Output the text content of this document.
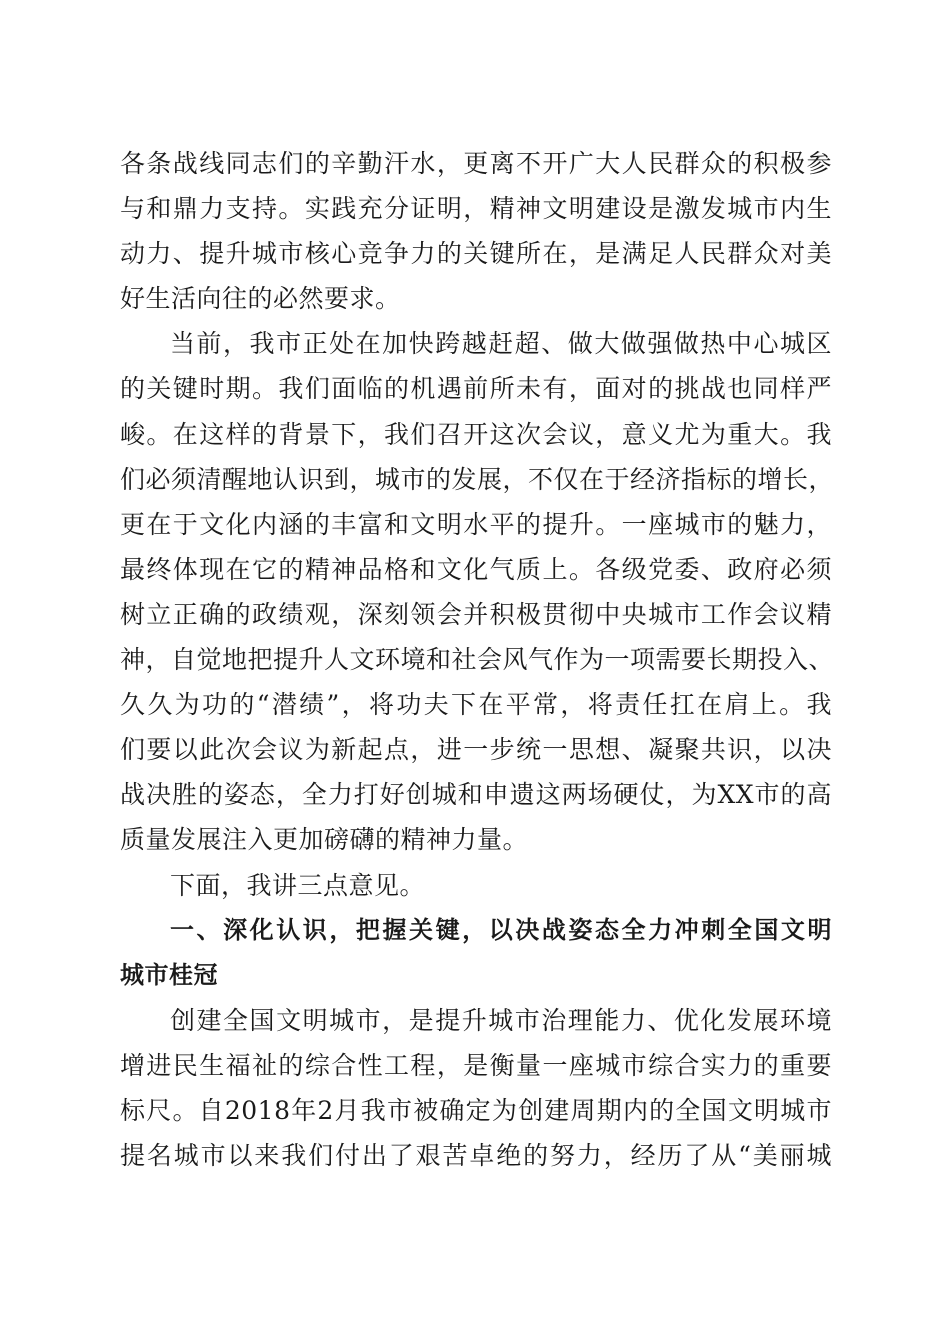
各条战线同志们的辛勤汗水，更离不开广大人民群众的积极参
与和鼎力支持。实践充分证明，精神文明建设是激发城市内生
动力、提升城市核心竞争力的关键所在，是满足人民群众对美
好生活向往的必然要求。
当前，我市正处在加快跨越赶超、做大做强做热中心城区
的关键时期。我们面临的机遇前所未有，面对的挑战也同样严
峻。在这样的背景下，我们召开这次会议，意义尤为重大。我
们必须清醒地认识到，城市的发展，不仅在于经济指标的增长，
更在于文化内涵的丰富和文明水平的提升。一座城市的魅力，
最终体现在它的精神品格和文化气质上。各级党委、政府必须
树立正确的政绩观，深刻领会并积极贯彻中央城市工作会议精
神，自觉地把提升人文环境和社会风气作为一项需要长期投入、
久久为功的“潜绩”，将功夫下在平常，将责任扛在肩上。我
们要以此次会议为新起点，进一步统一思想、凝聚共识，以决
战决胜的姿态，全力打好创城和申遗这两场硬仗，为XX市的高
质量发展注入更加磅礴的精神力量。
下面，我讲三点意见。
一、深化认识，把握关键，以决战姿态全力冲刺全国文明
城市桂冠
创建全国文明城市，是提升城市治理能力、优化发展环境
增进民生福祉的综合性工程，是衡量一座城市综合实力的重要
标尺。自2018年2月我市被确定为创建周期内的全国文明城市
提名城市以来我们付出了艰苦卓绝的努力，经历了从“美丽城
